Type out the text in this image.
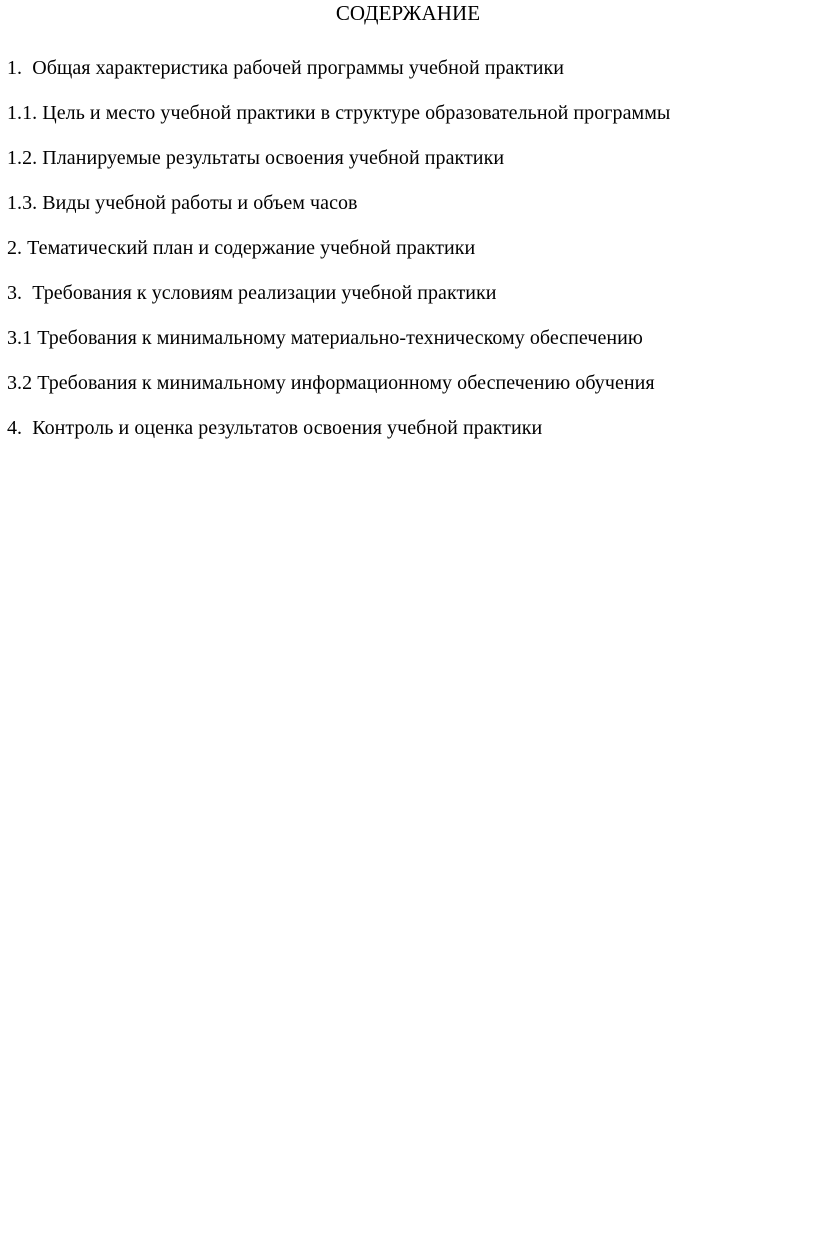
СОДЕРЖАНИЕ
1.  Общая характеристика рабочей программы учебной практики
1.1. Цель и место учебной практики в структуре образовательной программы
1.2. Планируемые результаты освоения учебной практики
1.3. Виды учебной работы и объем часов
2. Тематический план и содержание учебной практики
3.  Требования к условиям реализации учебной практики
3.1 Требования к минимальному материально-техническому обеспечению
3.2 Требования к минимальному информационному обеспечению обучения
4.  Контроль и оценка результатов освоения учебной практики
